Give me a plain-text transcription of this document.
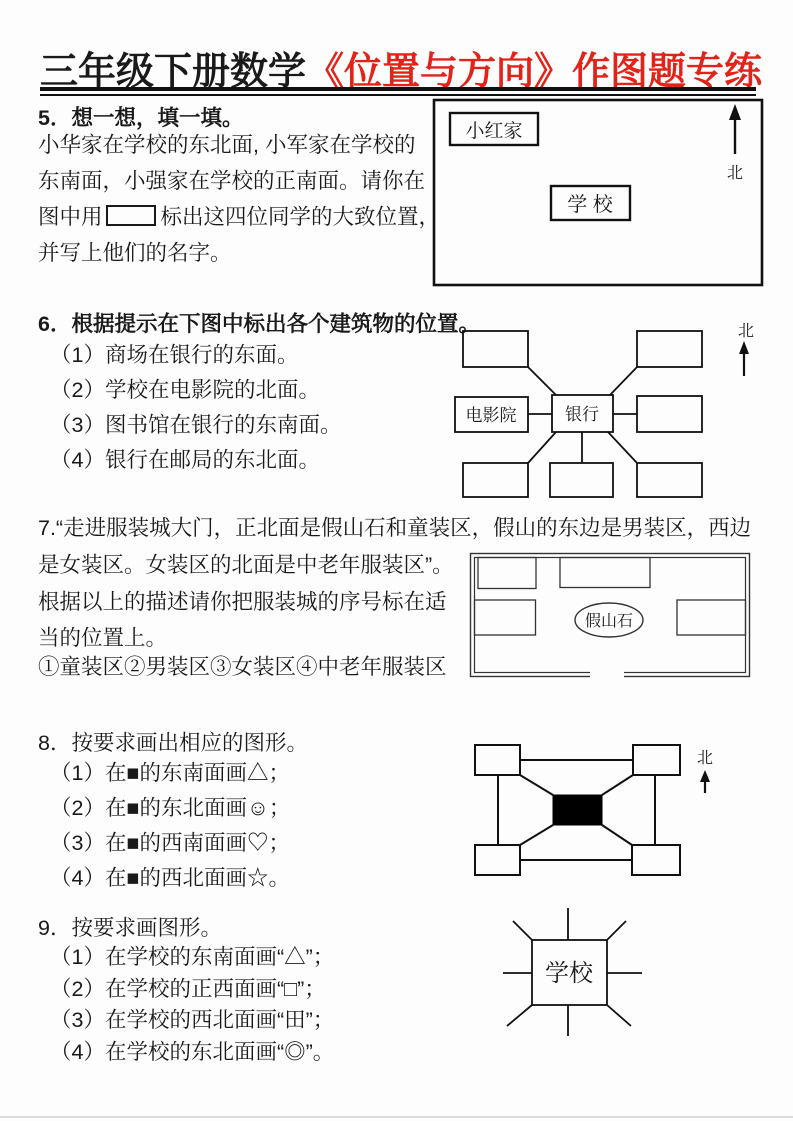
三年级下册数学《位置与方向》作图题专练
5．想一想，填一填。
小华家在学校的东北面, 小军家在学校的
东南面，小强家在学校的正南面。请你在
图中用	标出这四位同学的大致位置，
并写上他们的名字。
小红家
学 校
北
6．根据提示在下图中标出各个建筑物的位置。
（1）商场在银行的东面。
（2）学校在电影院的北面。
（3）图书馆在银行的东南面。
（4）银行在邮局的东北面。
电影院	银行
北
7.“走进服装城大门，正北面是假山石和童装区，假山的东边是男装区，西边
是女装区。女装区的北面是中老年服装区”。
根据以上的描述请你把服装城的序号标在适
当的位置上。
①童装区②男装区③女装区④中老年服装区
假山石
8．按要求画出相应的图形。
（1）在■的东南面画△；
（2）在■的东北面画☺；
（3）在■的西南面画♡；
（4）在■的西北面画☆。
北
9．按要求画图形。
（1）在学校的东南面画“△”；
（2）在学校的正西面画“□”；
（3）在学校的西北面画“田”；
（4）在学校的东北面画“◎”。
学校
